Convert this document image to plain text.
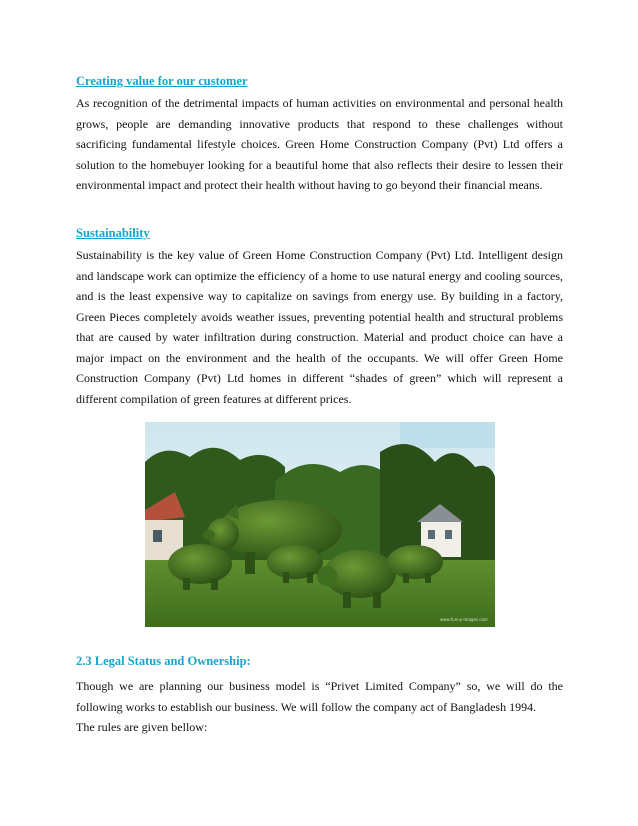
Creating value for our customer

As recognition of the detrimental impacts of human activities on environmental and personal health grows, people are demanding innovative products that respond to these challenges without sacrificing fundamental lifestyle choices. Green Home Construction Company (Pvt) Ltd offers a solution to the homebuyer looking for a beautiful home that also reflects their desire to lessen their environmental impact and protect their health without having to go beyond their financial means.

Sustainability

Sustainability is the key value of Green Home Construction Company (Pvt) Ltd. Intelligent design and landscape work can optimize the efficiency of a home to use natural energy and cooling sources, and is the least expensive way to capitalize on savings from energy use. By building in a factory, Green Pieces completely avoids weather issues, preventing potential health and structural problems that are caused by water infiltration during construction. Material and product choice can have a major impact on the environment and the health of the occupants. We will offer Green Home Construction Company (Pvt) Ltd homes in different “shades of green” which will represent a different compilation of green features at different prices.

www.funny-images.com

2.3 Legal Status and Ownership:

Though we are planning our business model is “Privet Limited Company” so, we will do the following works to establish our business. We will follow the company act of Bangladesh 1994.

The rules are given bellow:
